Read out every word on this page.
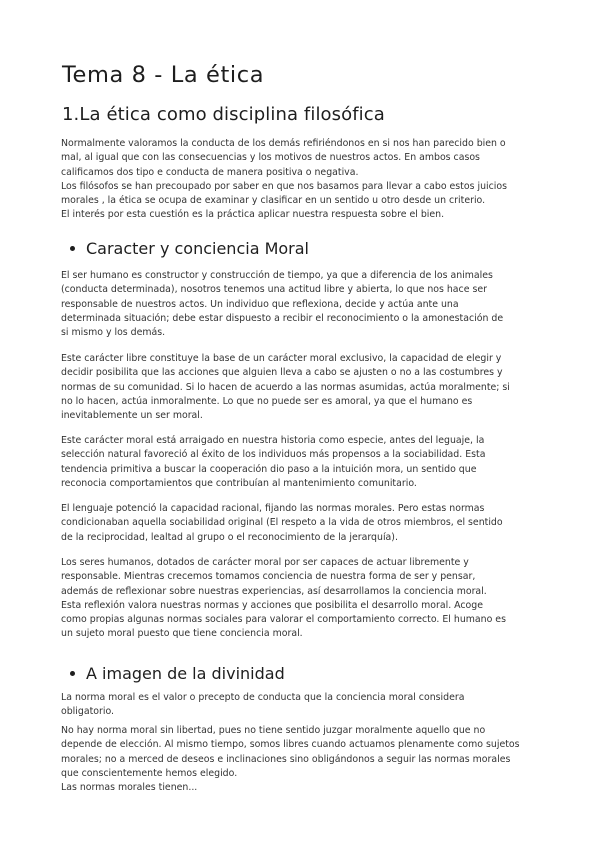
Tema 8 - La ética
1.La ética como disciplina filosófica

Normalmente valoramos la conducta de los demás refiriéndonos en si nos han parecido bien o
mal, al igual que con las consecuencias y los motivos de nuestros actos. En ambos casos
calificamos dos tipo e conducta de manera positiva o negativa.
Los filósofos se han precoupado por saber en que nos basamos para llevar a cabo estos juicios
morales , la ética se ocupa de examinar y clasificar en un sentido u otro desde un criterio.
El interés por esta cuestión es la práctica aplicar nuestra respuesta sobre el bien.

Caracter y conciencia Moral

El ser humano es constructor y construcción de tiempo, ya que a diferencia de los animales
(conducta determinada), nosotros tenemos una actitud libre y abierta, lo que nos hace ser
responsable de nuestros actos. Un individuo que reflexiona, decide y actúa ante una
determinada situación; debe estar dispuesto a recibir el reconocimiento o la amonestación de
si mismo y los demás.

Este carácter libre constituye la base de un carácter moral exclusivo, la capacidad de elegir y
decidir posibilita que las acciones que alguien lleva a cabo se ajusten o no a las costumbres y
normas de su comunidad. Si lo hacen de acuerdo a las normas asumidas, actúa moralmente; si
no lo hacen, actúa inmoralmente. Lo que no puede ser es amoral, ya que el humano es
inevitablemente un ser moral.

Este carácter moral está arraigado en nuestra historia como especie, antes del leguaje, la
selección natural favoreció al éxito de los individuos más propensos a la sociabilidad. Esta
tendencia primitiva a buscar la cooperación dio paso a la intuición mora, un sentido que
reconocia comportamientos que contribuían al mantenimiento comunitario.

El lenguaje potenció la capacidad racional, fijando las normas morales. Pero estas normas
condicionaban aquella sociabilidad original (El respeto a la vida de otros miembros, el sentido
de la reciprocidad, lealtad al grupo o el reconocimiento de la jerarquía).

Los seres humanos, dotados de carácter moral por ser capaces de actuar libremente y
responsable. Mientras crecemos tomamos conciencia de nuestra forma de ser y pensar,
además de reflexionar sobre nuestras experiencias, así desarrollamos la conciencia moral.
Esta reflexión valora nuestras normas y acciones que posibilita el desarrollo moral. Acoge
como propias algunas normas sociales para valorar el comportamiento correcto. El humano es
un sujeto moral puesto que tiene conciencia moral.

A imagen de la divinidad

La norma moral es el valor o precepto de conducta que la conciencia moral considera
obligatorio.

No hay norma moral sin libertad, pues no tiene sentido juzgar moralmente aquello que no
depende de elección. Al mismo tiempo, somos libres cuando actuamos plenamente como sujetos
morales; no a merced de deseos e inclinaciones sino obligándonos a seguir las normas morales
que conscientemente hemos elegido.
Las normas morales tienen...
